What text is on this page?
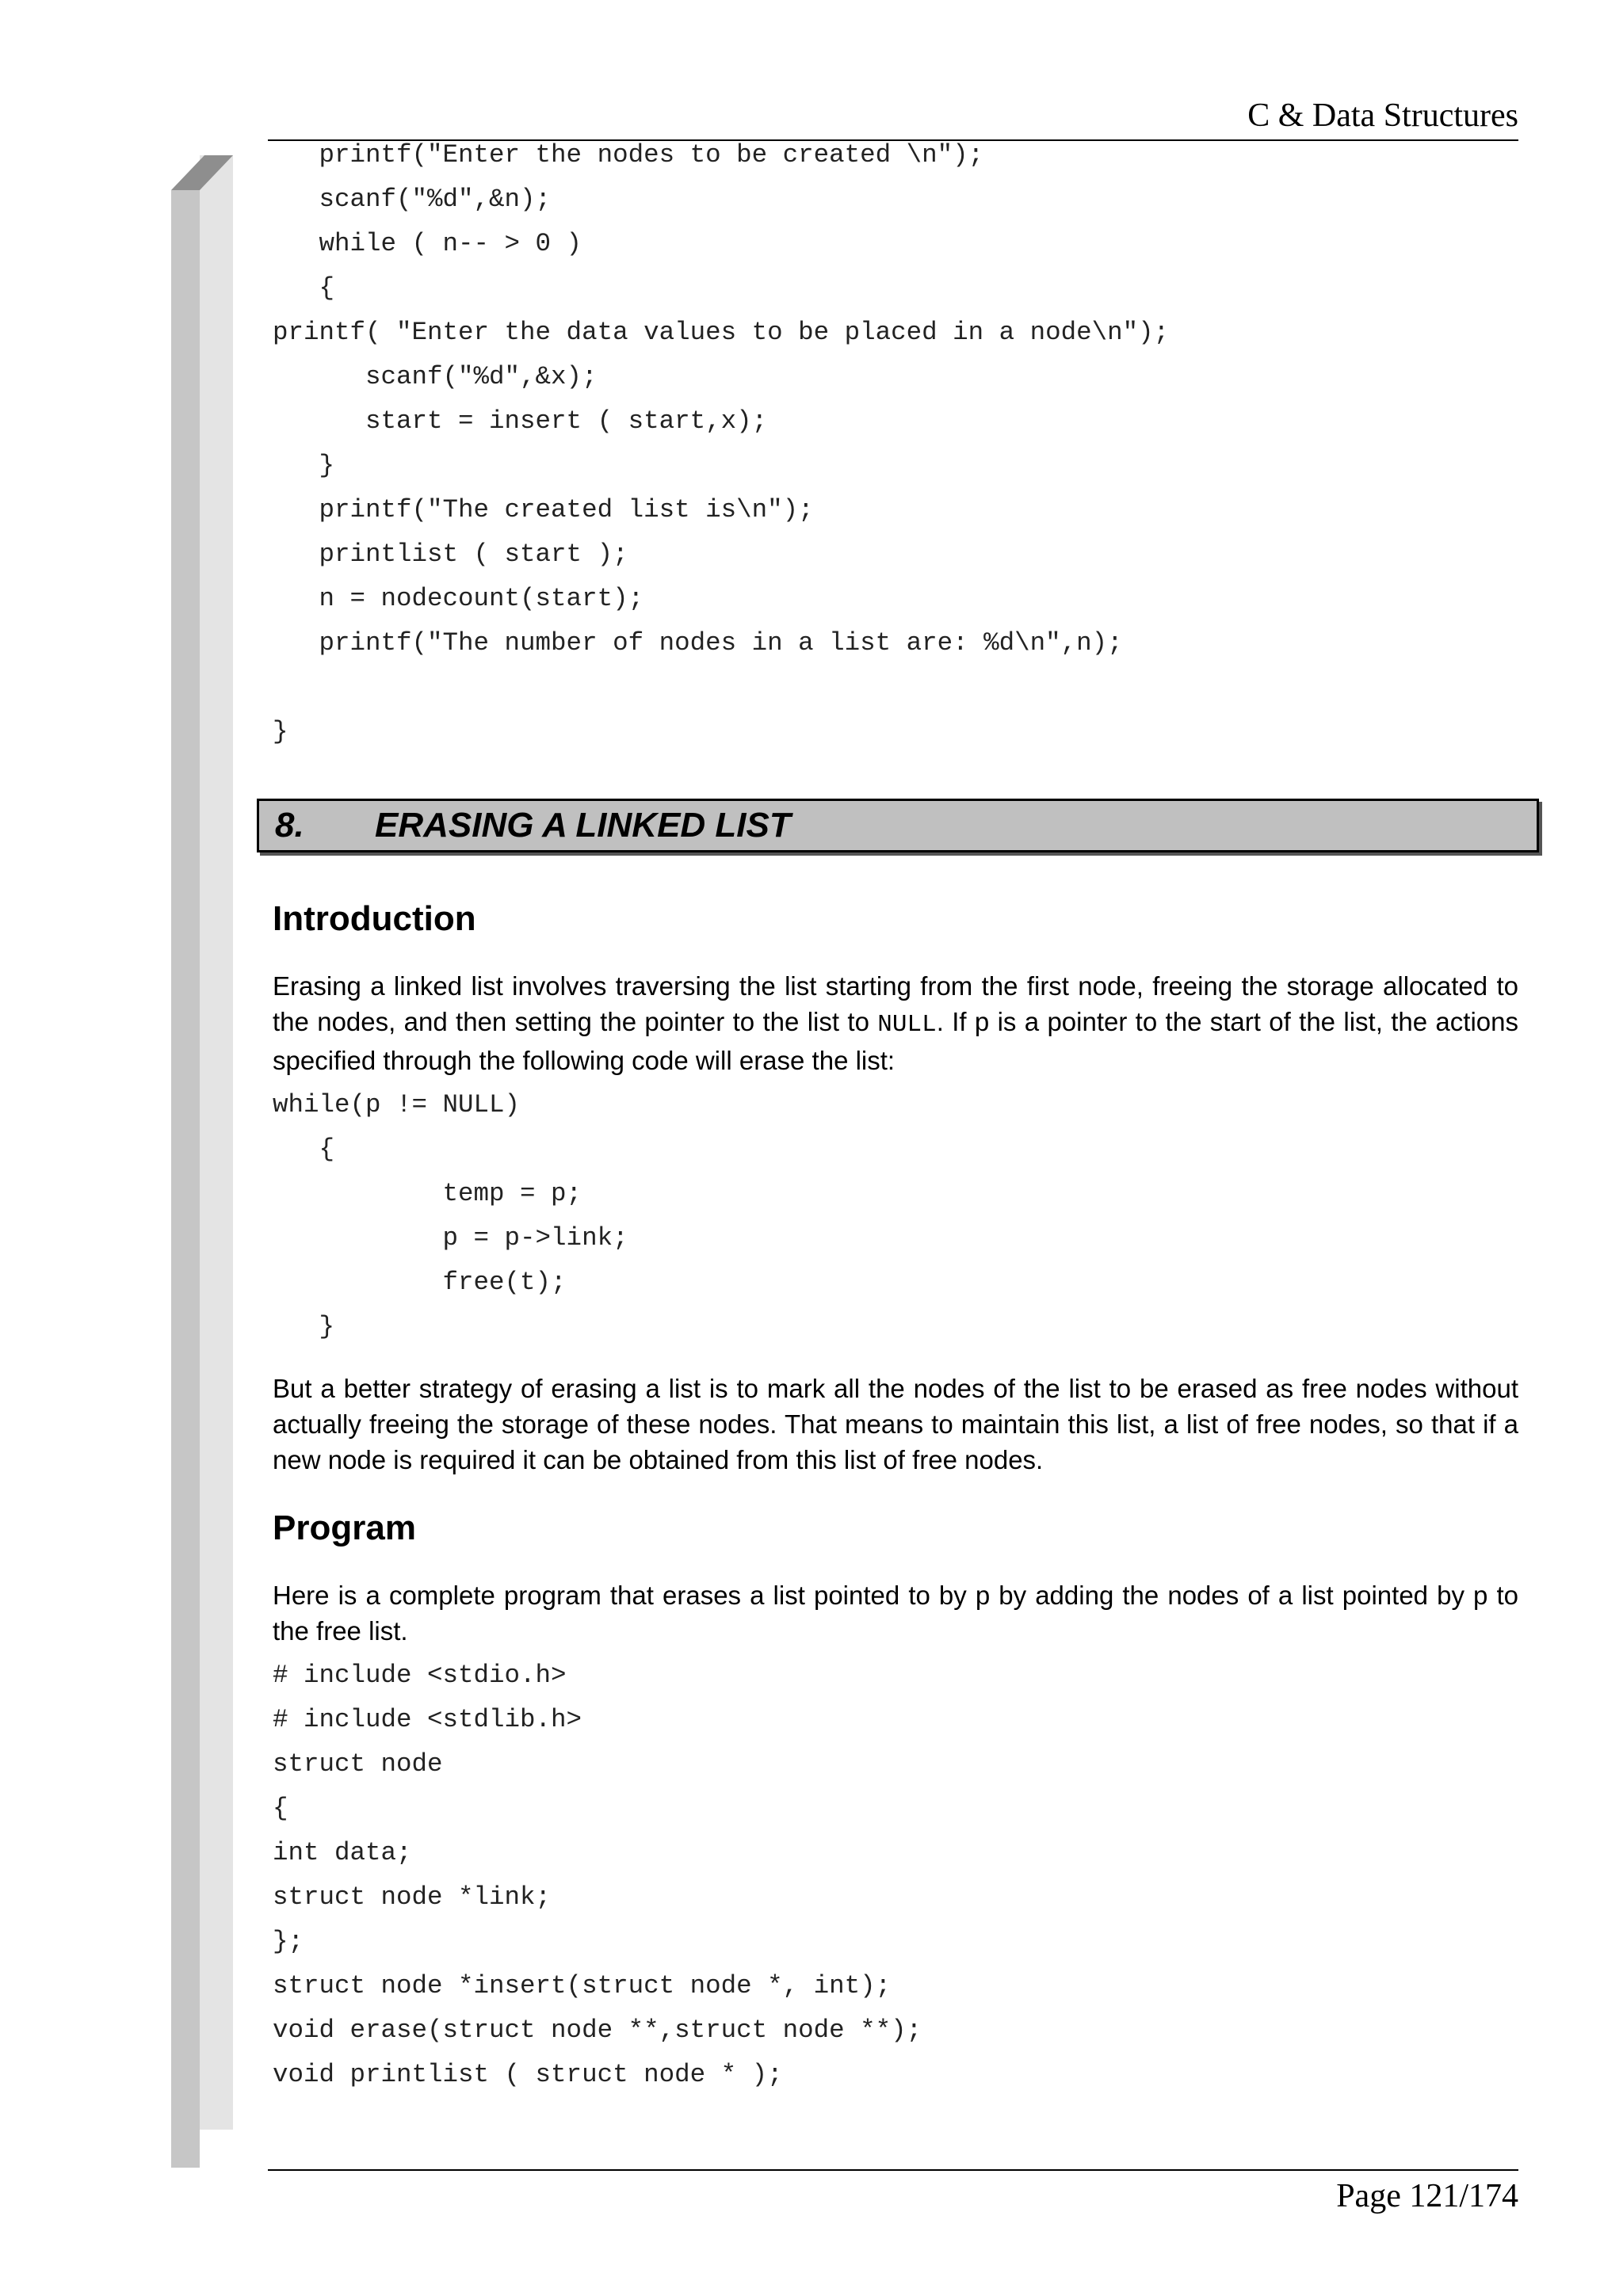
C & Data Structures
printf("Enter the nodes to be created \n");
scanf("%d",&n);
while ( n-- > 0 )
{
printf( "Enter the data values to be placed in a node\n");
scanf("%d",&x);
start = insert ( start,x);
}
printf("The created list is\n");
printlist ( start );
n = nodecount(start);
printf("The number of nodes in a list are: %d\n",n);

}
8. ERASING A LINKED LIST
Introduction

Erasing a linked list involves traversing the list starting from the first node, freeing the storage allocated to the nodes, and then setting the pointer to the list to NULL. If p is a pointer to the start of the list, the actions specified through the following code will erase the list:

while(p != NULL)
{
temp = p;
p = p->link;
free(t);
}

But a better strategy of erasing a list is to mark all the nodes of the list to be erased as free nodes without actually freeing the storage of these nodes. That means to maintain this list, a list of free nodes, so that if a new node is required it can be obtained from this list of free nodes.

Program

Here is a complete program that erases a list pointed to by p by adding the nodes of a list pointed by p to the free list.

# include <stdio.h>
# include <stdlib.h>
struct node
{
int data;
struct node *link;
};
struct node *insert(struct node *, int);
void erase(struct node **,struct node **);
void printlist ( struct node * );
Page 121/174
